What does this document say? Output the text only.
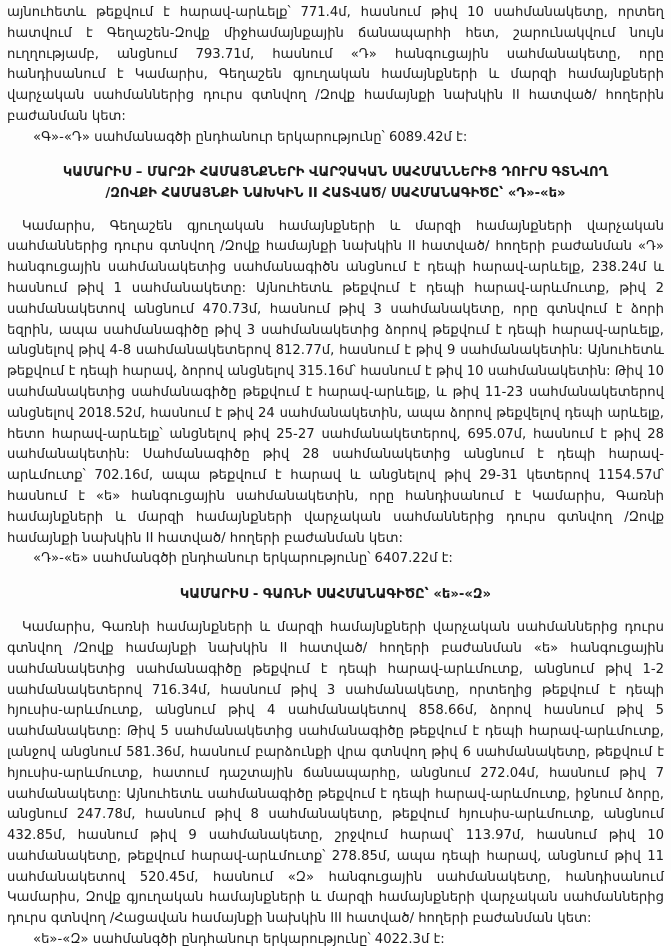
այնուհետև թեքվում է հարավ-արևելք՝ 771.4մ, հասնում թիվ 10 սահմանակետը, որտեղ հատվում է Գեղաշեն-Զովք միջհամայնքային ճանապարհի հետ, շարունակվում նույն ուղղությամբ, անցնում 793.71մ, հասնում «Դ» հանգուցային սահմանակետը, որը հանդիսանում է Կամարիս, Գեղաշեն գյուղական համայնքների և մարզի համայնքների վարչական սահմաններից դուրս գտնվող /Զովք համայնքի նախկին II հատված/ հողերին բաժանման կետ:

«Գ»-«Դ» սահմանագծի ընդհանուր երկարությունը՝ 6089.42մ է:

ԿԱՄԱՐԻՍ – ՄԱՐԶԻ ՀԱՄԱՅՆՔՆԵՐԻ ՎԱՐՉԱԿԱՆ ՍԱՀՄԱՆՆԵՐԻՑ ԴՈՒՐՍ ԳՏՆՎՈՂ
/ԶՈՎՔԻ ՀԱՄԱՅՆՔԻ ՆԱԽԿԻՆ II ՀԱՏՎԱԾ/ ՍԱՀՄԱՆԱԳԻԾԸ՝ «Դ»-«ե»

Կամարիս, Գեղաշեն գյուղական համայնքների և մարզի համայնքների վարչական սահմաններից դուրս գտնվող /Զովք համայնքի նախկին II հատված/ հողերի բաժանման «Դ» հանգուցային սահմանակետից սահմանագիծն անցնում է դեպի հարավ-արևելք, 238.24մ և հասնում թիվ 1 սահմանակետը: Այնուհետև թեքվում է դեպի հարավ-արևմուտք, թիվ 2 սահմանակետով անցնում 470.73մ, հասնում թիվ 3 սահմանակետը, որը գտնվում է ձորի եզրին, ապա սահմանագիծը թիվ 3 սահմանակետից ձորով թեքվում է դեպի հարավ-արևելք, անցնելով թիվ 4-8 սահմանակետերով 812.77մ, հասնում է թիվ 9 սահմանակետին: Այնուհետև թեքվում է դեպի հարավ, ձորով անցնելով 315.16մ՝ հասնում է թիվ 10 սահմանակետին: Թիվ 10 սահմանակետից սահմանագիծը թեքվում է հարավ-արևելք, և թիվ 11-23 սահմանակետերով անցնելով 2018.52մ, հասնում է թիվ 24 սահմանակետին, ապա ձորով թեքվելով դեպի արևելք, հետո հարավ-արևելք՝ անցնելով թիվ 25-27 սահմանակետերով, 695.07մ, հասնում է թիվ 28 սահմանակետին: Սահմանագիծը թիվ 28 սահմանակետից անցնում է դեպի հարավ-արևմուտք՝ 702.16մ, ապա թեքվում է հարավ և անցնելով թիվ 29-31 կետերով 1154.57մ՝ հասնում է «ե» հանգուցային սահմանակետին, որը հանդիսանում է Կամարիս, Գառնի համայնքների և մարզի համայնքների վարչական սահմաններից դուրս գտնվող /Զովք համայնքի նախկին II հատված/ հողերի բաժանման կետ:

«Դ»-«ե» սահմանգծի ընդհանուր երկարությունը՝ 6407.22մ է:

ԿԱՄԱՐԻՍ - ԳԱՌՆԻ ՍԱՀՄԱՆԱԳԻԾԸ՝ «ե»-«Զ»

Կամարիս, Գառնի համայնքների և մարզի համայնքների վարչական սահմաններից դուրս գտնվող /Զովք համայնքի նախկին II հատված/ հողերի բաժանման «ե» հանգուցային սահմանակետից սահմանագիծը թեքվում է դեպի հարավ-արևմուտք, անցնում թիվ 1-2 սահմանակետերով 716.34մ, հասնում թիվ 3 սահմանակետը, որտեղից թեքվում է դեպի հյուսիս-արևմուտք, անցնում թիվ 4 սահմանակետով 858.66մ, ձորով հասնում թիվ 5 սահմանակետը: Թիվ 5 սահմանակետից սահմանագիծը թեքվում է դեպի հարավ-արևմուտք, լանջով անցնում 581.36մ, հասնում բարձունքի վրա գտնվող թիվ 6 սահմանակետը, թեքվում է հյուսիս-արևմուտք, հատում դաշտային ճանապարհը, անցնում 272.04մ, հասնում թիվ 7 սահմանակետը: Այնուհետև սահմանագիծը թեքվում է դեպի հարավ-արևմուտք, իջնում ձորը, անցնում 247.78մ, հասնում թիվ 8 սահմանակետը, թեքվում հյուսիս-արևմուտք, անցնում 432.85մ, հասնում թիվ 9 սահմանակետը, շրջվում հարավ՝ 113.97մ, հասնում թիվ 10 սահմանակետը, թեքվում հարավ-արևմուտք՝ 278.85մ, ապա դեպի հարավ, անցնում թիվ 11 սահմանակետով 520.45մ, հասնում «Զ» հանգուցային սահմանակետը, հանդիսանում Կամարիս, Զովք գյուղական համայնքների և մարզի համայնքների վարչական սահմաններից դուրս գտնվող /Հացավան համայնքի նախկին III հատված/ հողերի բաժանման կետ:

«ե»-«Զ» սահմանգծի ընդհանուր երկարությունը՝ 4022.3մ է:
